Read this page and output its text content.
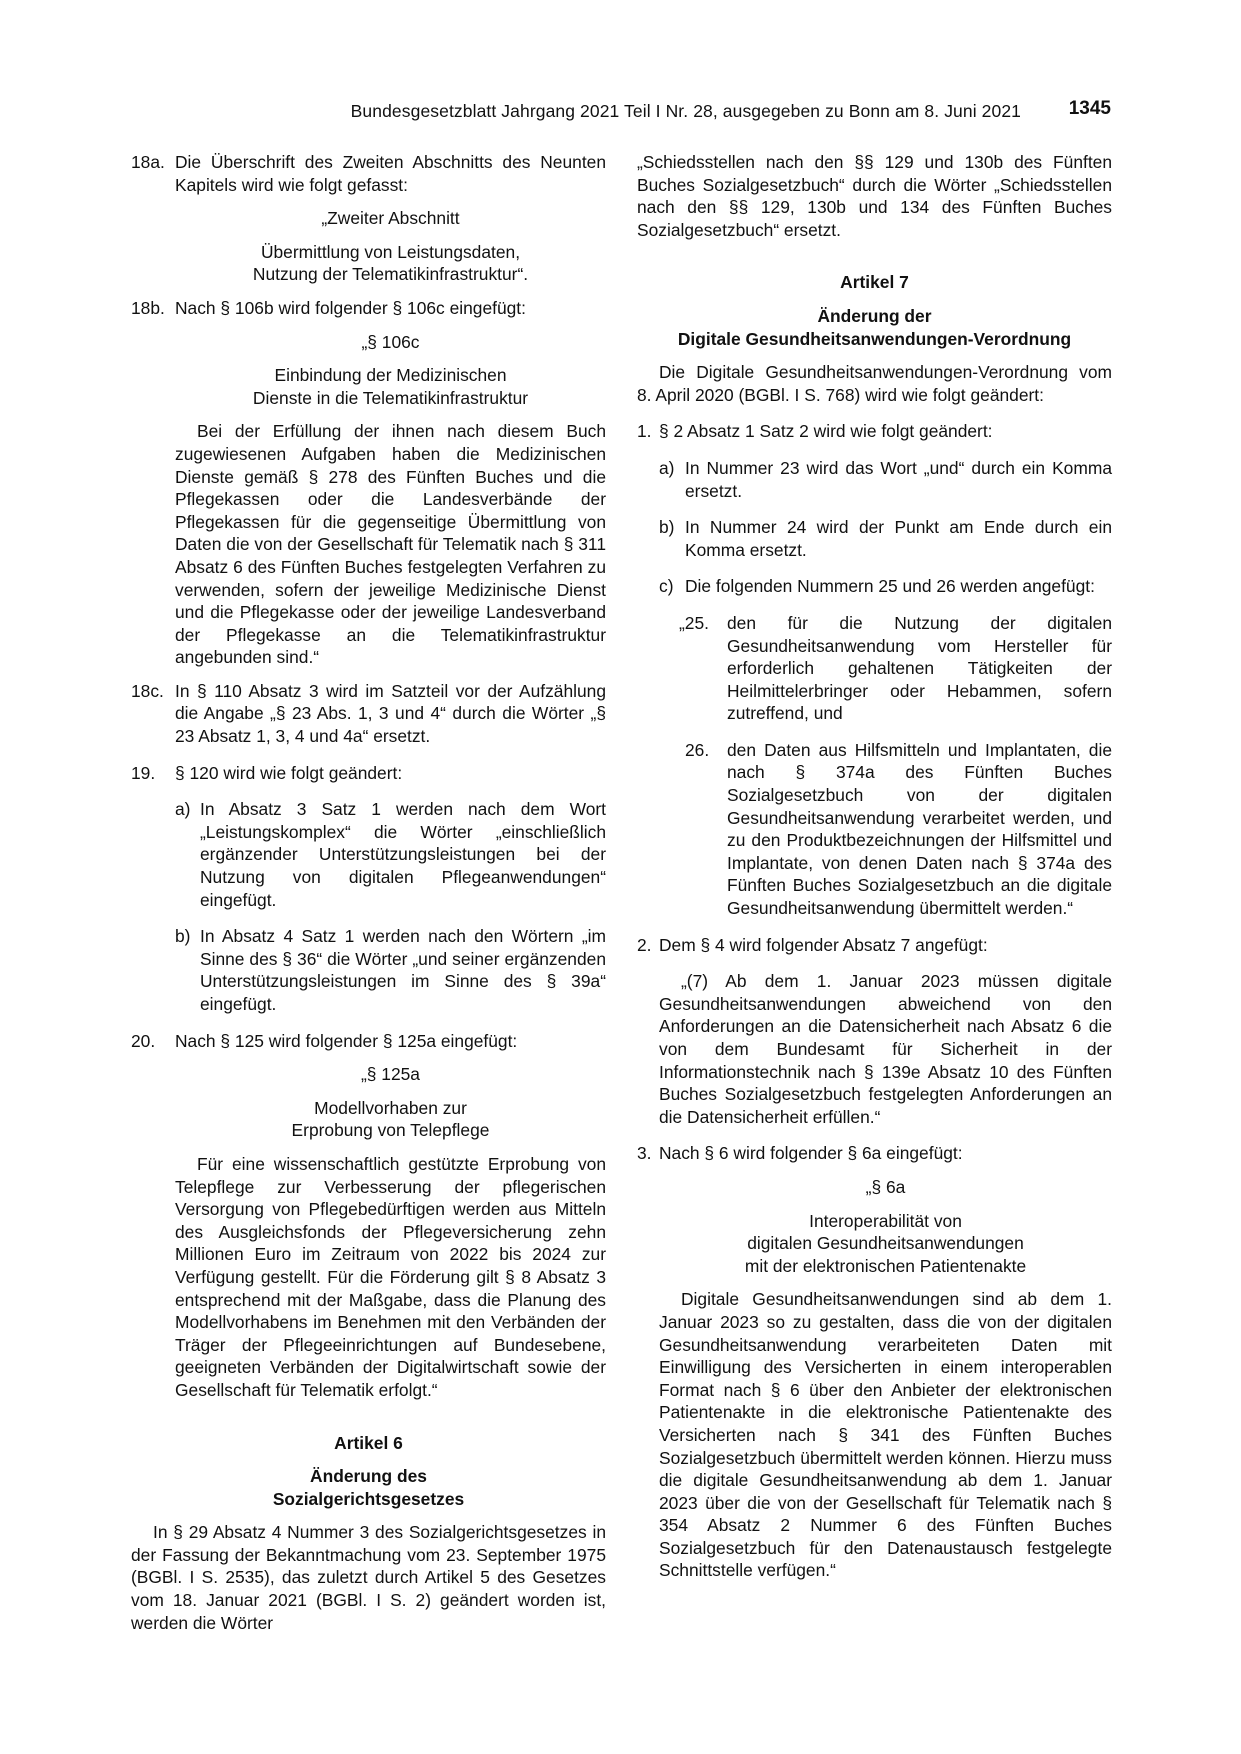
Bundesgesetzblatt Jahrgang 2021 Teil I Nr. 28, ausgegeben zu Bonn am 8. Juni 2021	1345
18a. Die Überschrift des Zweiten Abschnitts des Neunten Kapitels wird wie folgt gefasst:

„Zweiter Abschnitt

Übermittlung von Leistungsdaten,

Nutzung der Telematikinfrastruktur“.

18b. Nach § 106b wird folgender § 106c eingefügt:

„§ 106c

Einbindung der Medizinischen

Dienste in die Telematikinfrastruktur

Bei der Erfüllung der ihnen nach diesem Buch zugewiesenen Aufgaben haben die Medizinischen Dienste gemäß § 278 des Fünften Buches und die Pflegekassen oder die Landesverbände der Pflegekassen für die gegenseitige Übermittlung von Daten die von der Gesellschaft für Telematik nach § 311 Absatz 6 des Fünften Buches festgelegten Verfahren zu verwenden, sofern der jeweilige Medizinische Dienst und die Pflegekasse oder der jeweilige Landesverband der Pflegekasse an die Telematikinfrastruktur angebunden sind.“

18c. In § 110 Absatz 3 wird im Satzteil vor der Aufzählung die Angabe „§ 23 Abs. 1, 3 und 4“ durch die Wörter „§ 23 Absatz 1, 3, 4 und 4a“ ersetzt.

19. § 120 wird wie folgt geändert:

a) In Absatz 3 Satz 1 werden nach dem Wort „Leistungskomplex“ die Wörter „einschließlich ergänzender Unterstützungsleistungen bei der Nutzung von digitalen Pflegeanwendungen“ eingefügt.

b) In Absatz 4 Satz 1 werden nach den Wörtern „im Sinne des § 36“ die Wörter „und seiner ergänzenden Unterstützungsleistungen im Sinne des § 39a“ eingefügt.

20. Nach § 125 wird folgender § 125a eingefügt:

„§ 125a

Modellvorhaben zur

Erprobung von Telepflege

Für eine wissenschaftlich gestützte Erprobung von Telepflege zur Verbesserung der pflegerischen Versorgung von Pflegebedürftigen werden aus Mitteln des Ausgleichsfonds der Pflegeversicherung zehn Millionen Euro im Zeitraum von 2022 bis 2024 zur Verfügung gestellt. Für die Förderung gilt § 8 Absatz 3 entsprechend mit der Maßgabe, dass die Planung des Modellvorhabens im Benehmen mit den Verbänden der Träger der Pflegeeinrichtungen auf Bundesebene, geeigneten Verbänden der Digitalwirtschaft sowie der Gesellschaft für Telematik erfolgt.“

Artikel 6

Änderung des

Sozialgerichtsgesetzes

In § 29 Absatz 4 Nummer 3 des Sozialgerichtsgesetzes in der Fassung der Bekanntmachung vom 23. September 1975 (BGBl. I S. 2535), das zuletzt durch Artikel 5 des Gesetzes vom 18. Januar 2021 (BGBl. I S. 2) geändert worden ist, werden die Wörter

„Schiedsstellen nach den §§ 129 und 130b des Fünften Buches Sozialgesetzbuch“ durch die Wörter „Schiedsstellen nach den §§ 129, 130b und 134 des Fünften Buches Sozialgesetzbuch“ ersetzt.

Artikel 7

Änderung der

Digitale Gesundheitsanwendungen-Verordnung

Die Digitale Gesundheitsanwendungen-Verordnung vom 8. April 2020 (BGBl. I S. 768) wird wie folgt geändert:

1. § 2 Absatz 1 Satz 2 wird wie folgt geändert:

a) In Nummer 23 wird das Wort „und“ durch ein Komma ersetzt.

b) In Nummer 24 wird der Punkt am Ende durch ein Komma ersetzt.

c) Die folgenden Nummern 25 und 26 werden angefügt:

„25. den für die Nutzung der digitalen Gesundheitsanwendung vom Hersteller für erforderlich gehaltenen Tätigkeiten der Heilmittelerbringer oder Hebammen, sofern zutreffend, und

26. den Daten aus Hilfsmitteln und Implantaten, die nach § 374a des Fünften Buches Sozialgesetzbuch von der digitalen Gesundheitsanwendung verarbeitet werden, und zu den Produktbezeichnungen der Hilfsmittel und Implantate, von denen Daten nach § 374a des Fünften Buches Sozialgesetzbuch an die digitale Gesundheitsanwendung übermittelt werden.“

2. Dem § 4 wird folgender Absatz 7 angefügt:

„(7) Ab dem 1. Januar 2023 müssen digitale Gesundheitsanwendungen abweichend von den Anforderungen an die Datensicherheit nach Absatz 6 die von dem Bundesamt für Sicherheit in der Informationstechnik nach § 139e Absatz 10 des Fünften Buches Sozialgesetzbuch festgelegten Anforderungen an die Datensicherheit erfüllen.“

3. Nach § 6 wird folgender § 6a eingefügt:

„§ 6a

Interoperabilität von

digitalen Gesundheitsanwendungen

mit der elektronischen Patientenakte

Digitale Gesundheitsanwendungen sind ab dem 1. Januar 2023 so zu gestalten, dass die von der digitalen Gesundheitsanwendung verarbeiteten Daten mit Einwilligung des Versicherten in einem interoperablen Format nach § 6 über den Anbieter der elektronischen Patientenakte in die elektronische Patientenakte des Versicherten nach § 341 des Fünften Buches Sozialgesetzbuch übermittelt werden können. Hierzu muss die digitale Gesundheitsanwendung ab dem 1. Januar 2023 über die von der Gesellschaft für Telematik nach § 354 Absatz 2 Nummer 6 des Fünften Buches Sozialgesetzbuch für den Datenaustausch festgelegte Schnittstelle verfügen.“
